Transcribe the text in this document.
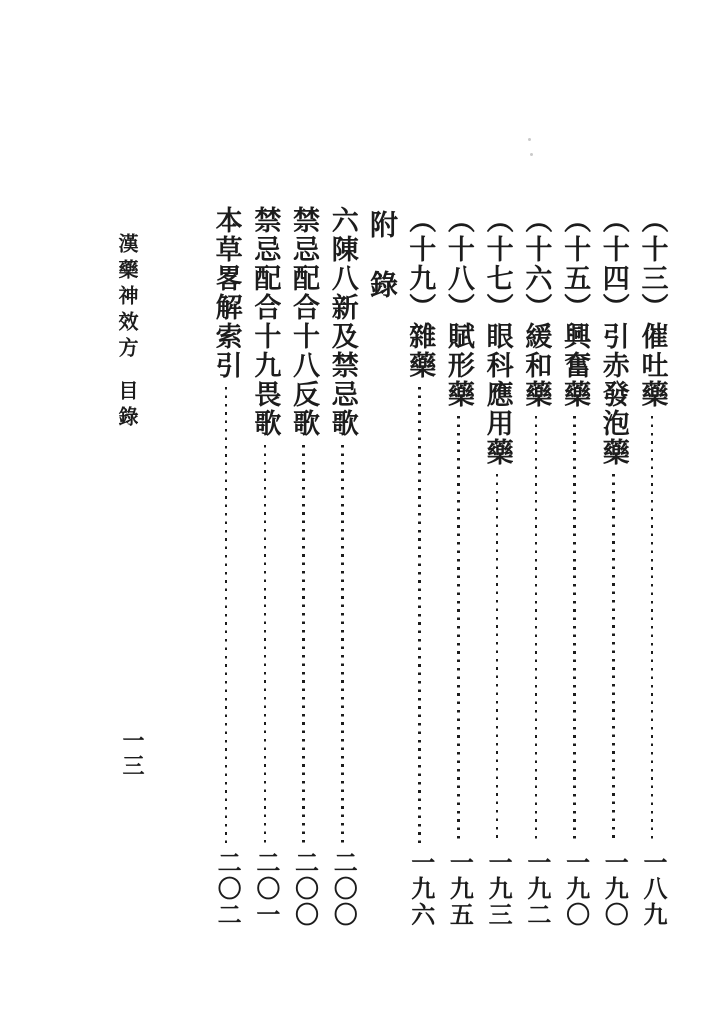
（十三）催吐藥
一八九
（十四）引赤發泡藥
一九〇
（十五）興奮藥
一九〇
（十六）緩和藥
一九二
（十七）眼科應用藥
一九三
（十八）賦形藥
一九五
（十九）雜藥
一九六
附　錄
六陳八新及禁忌歌
二〇〇
禁忌配合十八反歌
二〇〇
禁忌配合十九畏歌
二〇一
本草畧解索引
二〇二
漢藥神效方
目錄
一三
